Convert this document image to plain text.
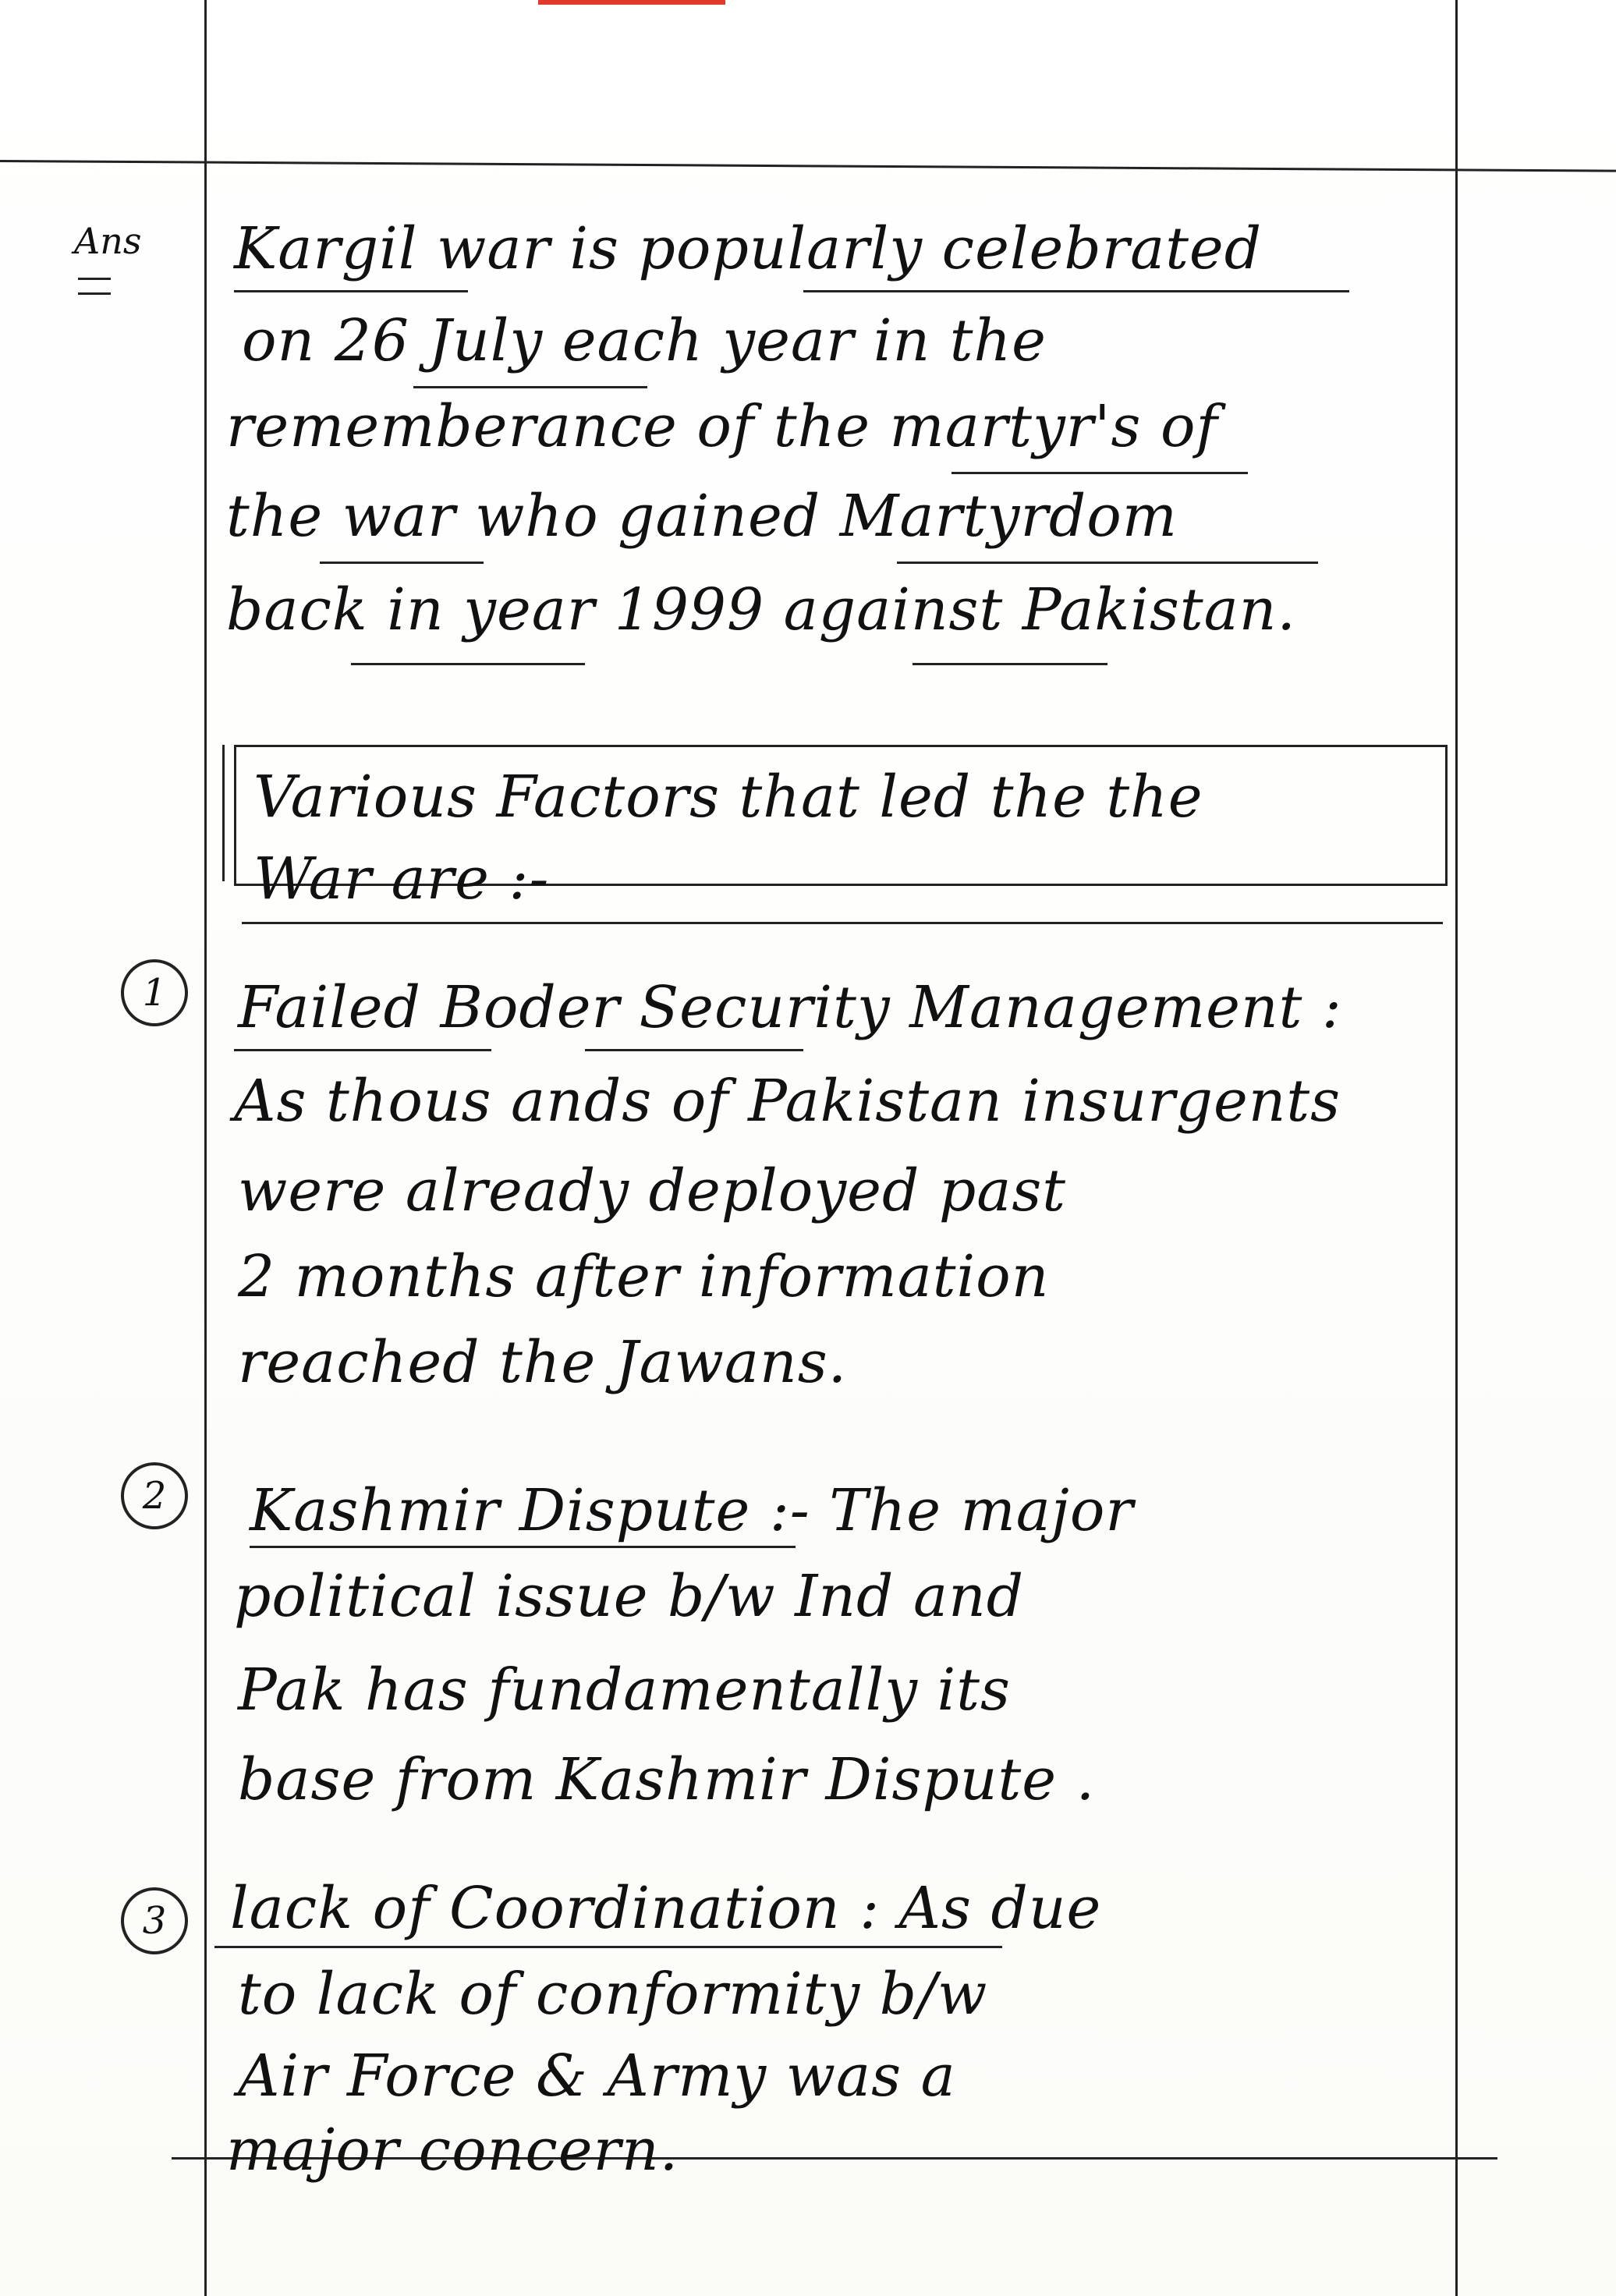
Ans Kargil war is popularly celebrated
on 26 July each year in the
rememberance of the martyr's of
the war who gained Martyrdom
back in year 1999 against Pakistan.
Various Factors that led the the
War are :-
1	Failed Boder Security Management :
As thous ands of Pakistan insurgents
were already deployed past
2 months after information
reached the Jawans.
2	Kashmir Dispute :- The major
political issue b/w Ind and
Pak has fundamentally its
base from Kashmir Dispute .
3	lack of Coordination : As due
to lack of conformity b/w
Air Force & Army was a
major concern.
